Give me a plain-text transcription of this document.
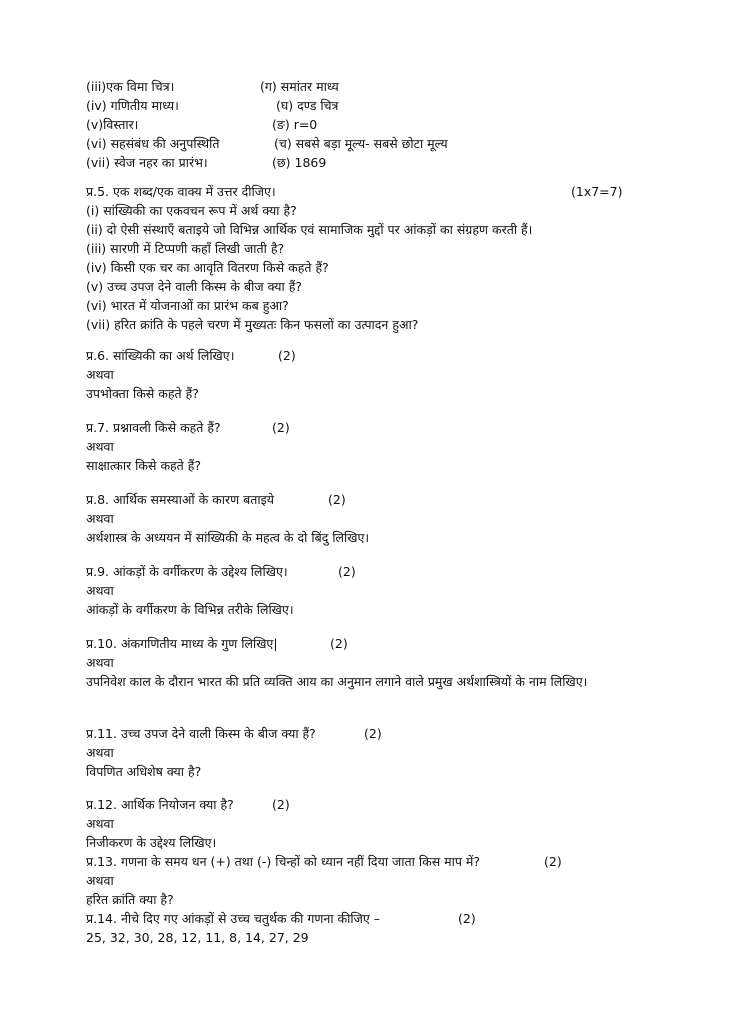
(iii)एक विमा चित्र।	(ग) समांतर माध्य
(iv) गणितीय माध्य।	(घ) दण्ड चित्र
(v)विस्तार।	(ङ) r=0
(vi) सहसंबंध की अनुपस्थिति	(च) सबसे बड़ा मूल्य- सबसे छोटा मूल्य
(vii) स्वेज नहर का प्रारंभ।	(छ) 1869
प्र.5. एक शब्द/एक वाक्य में उत्तर दीजिए।	(1x7=7)
(i) सांख्यिकी का एकवचन रूप में अर्थ क्या है?
(ii) दो ऐसी संस्थाएँ बताइये जो विभिन्न आर्थिक एवं सामाजिक मुद्दों पर आंकड़ों का संग्रहण करती हैं।
(iii) सारणी में टिप्पणी कहाँ लिखी जाती है?
(iv) किसी एक चर का आवृति वितरण किसे कहते हैं?
(v) उच्च उपज देने वाली किस्म के बीज क्या हैं?
(vi) भारत में योजनाओं का प्रारंभ कब हुआ?
(vii) हरित क्रांति के पहले चरण में मुख्यतः किन फसलों का उत्पादन हुआ?
प्र.6. सांख्यिकी का अर्थ लिखिए।	(2)
अथवा
उपभोक्ता किसे कहते हैं?
प्र.7. प्रश्नावली किसे कहते हैं?	(2)
अथवा
साक्षात्कार किसे कहते हैं?
प्र.8. आर्थिक समस्याओं के कारण बताइये	(2)
अथवा
अर्थशास्त्र के अध्ययन में सांख्यिकी के महत्व के दो बिंदु लिखिए।
प्र.9. आंकड़ों के वर्गीकरण के उद्देश्य लिखिए।	(2)
अथवा
आंकड़ों के वर्गीकरण के विभिन्न तरीके लिखिए।
प्र.10. अंकगणितीय माध्य के गुण लिखिए|	(2)
अथवा
उपनिवेश काल के दौरान भारत की प्रति व्यक्ति आय का अनुमान लगाने वाले प्रमुख अर्थशास्त्रियों के नाम लिखिए।
प्र.11. उच्च उपज देने वाली किस्म के बीज क्या हैं?	(2)
अथवा
विपणित अधिशेष क्या है?
प्र.12. आर्थिक नियोजन क्या है?	(2)
अथवा
निजीकरण के उद्देश्य लिखिए।
प्र.13. गणना के समय धन (+) तथा (-) चिन्हों को ध्यान नहीं दिया जाता किस माप में?	(2)
अथवा
हरित क्रांति क्या है?
प्र.14. नीचे दिए गए आंकड़ों से उच्च चतुर्थक की गणना कीजिए –	(2)
25, 32, 30, 28, 12, 11, 8, 14, 27, 29
